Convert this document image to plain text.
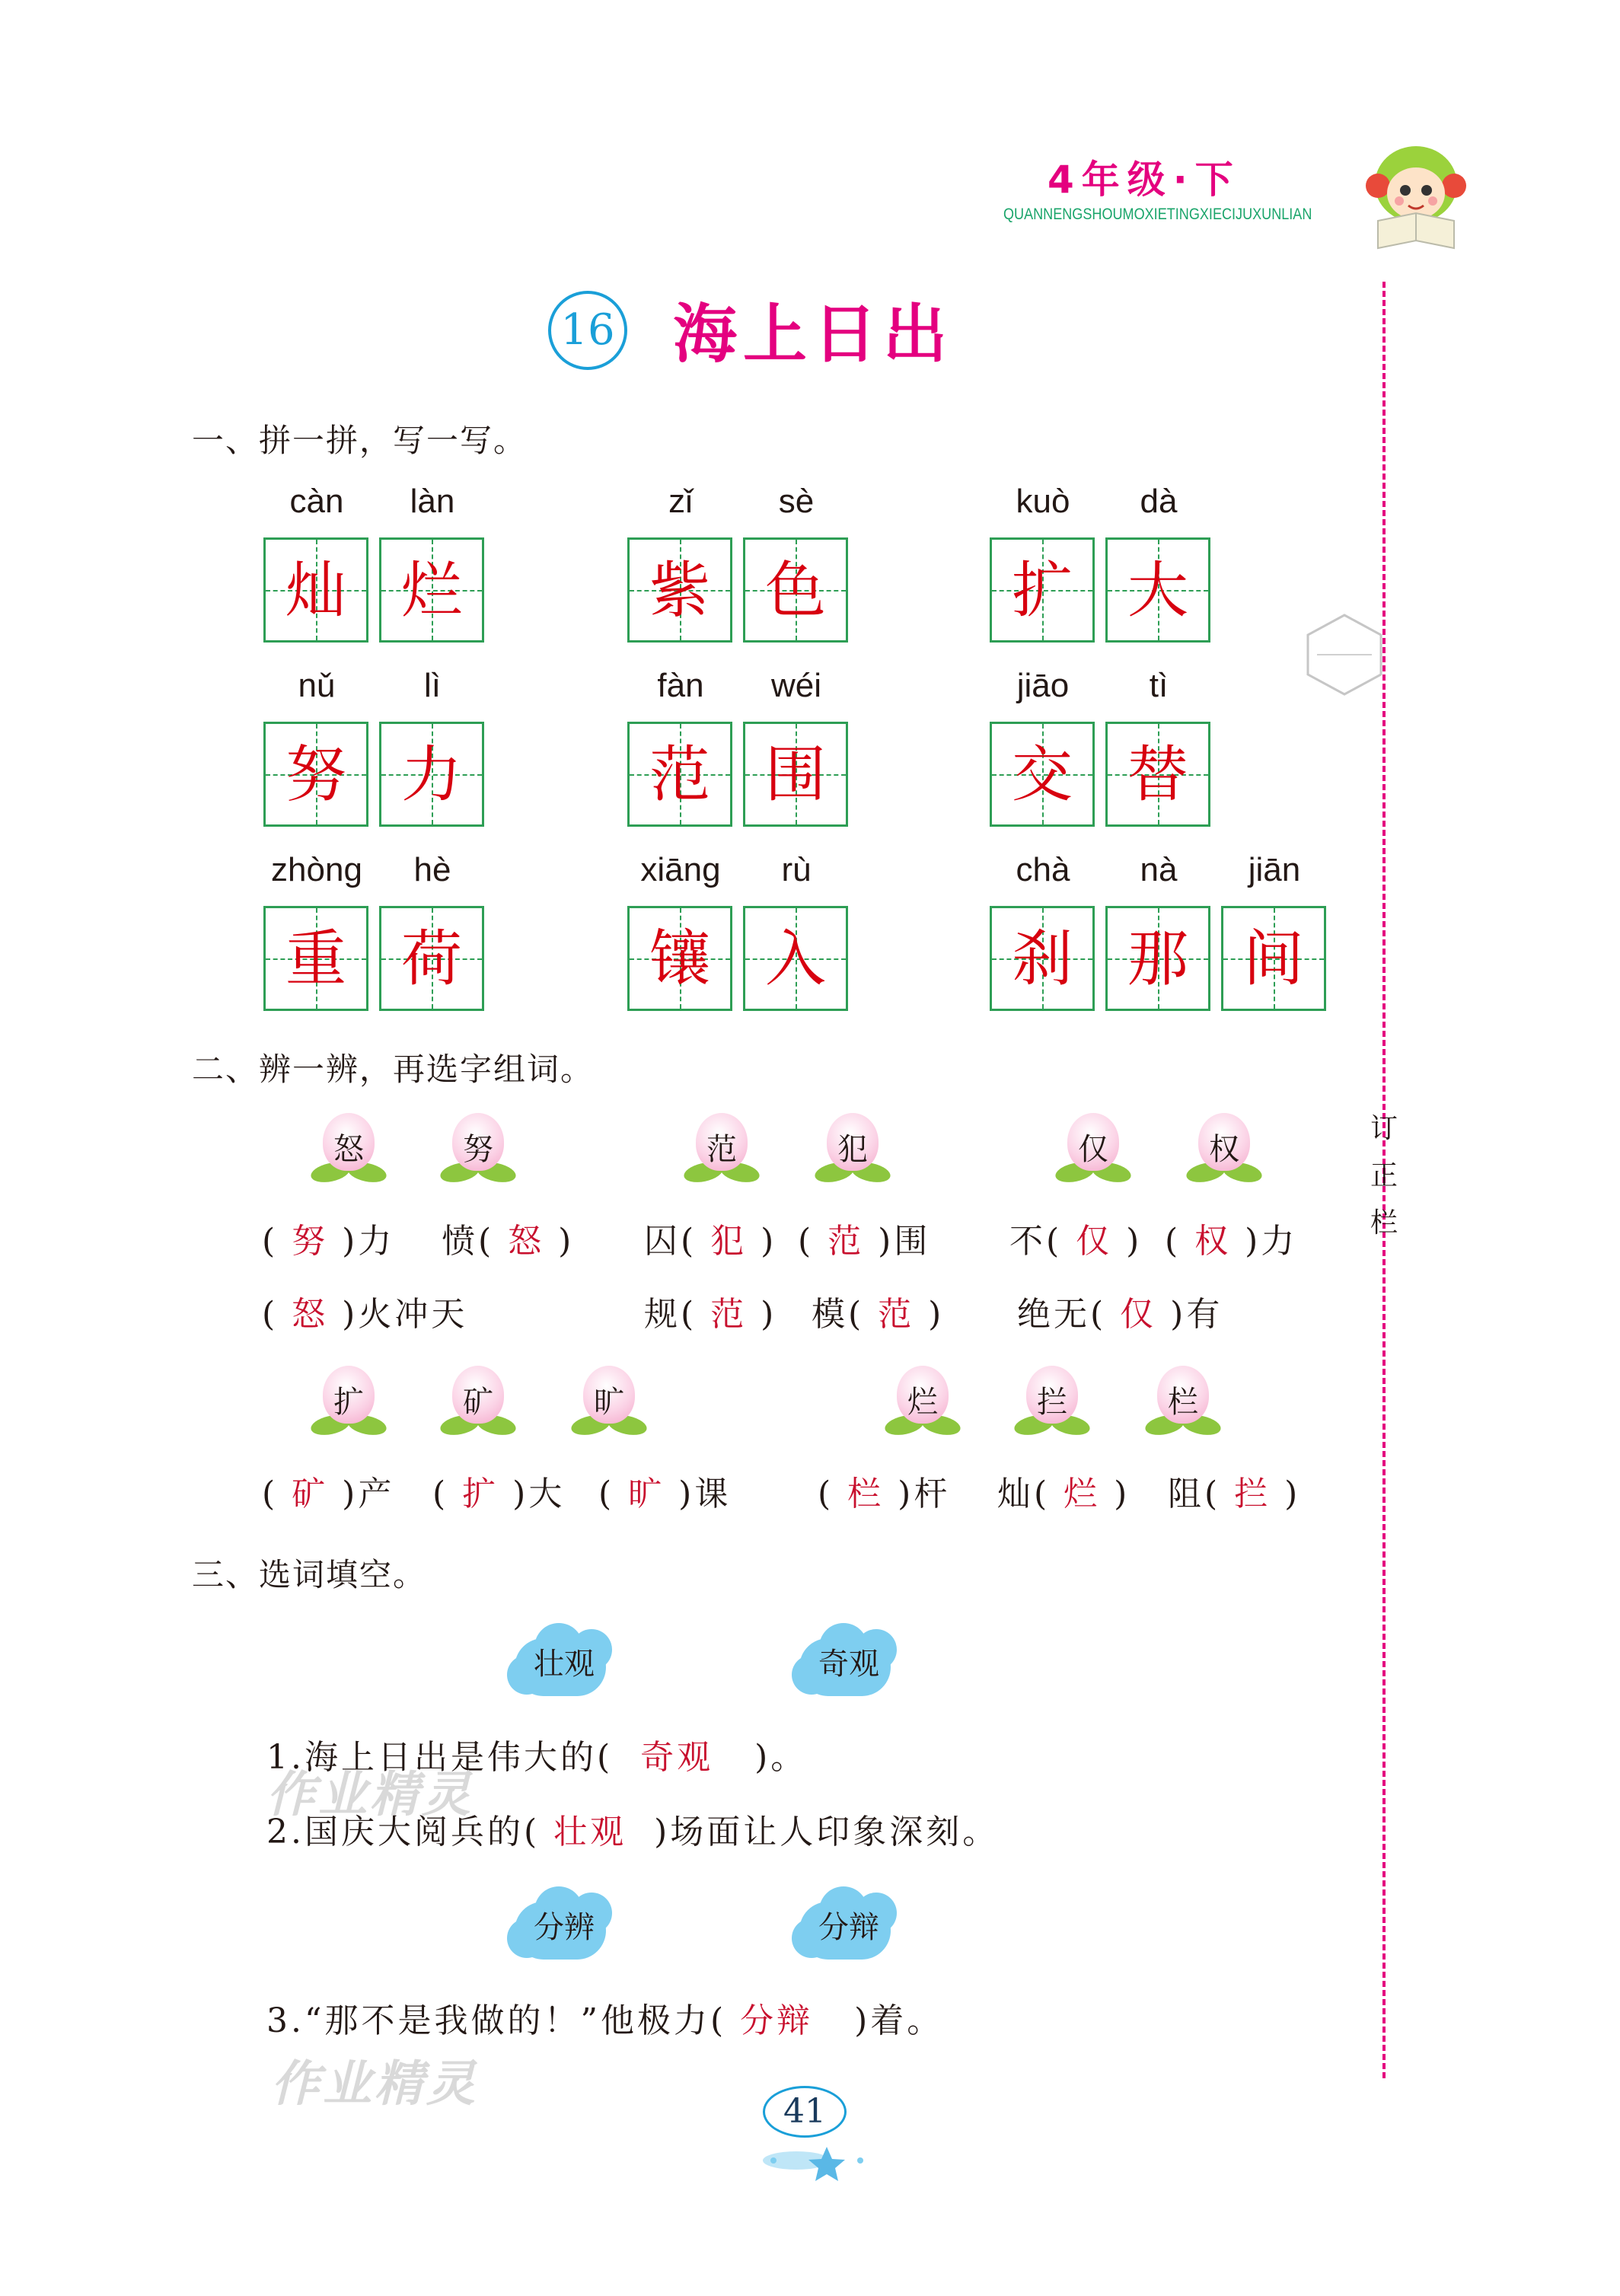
4年级·下
QUANNENGSHOUMOXIETINGXIECIJUXUNLIAN
订
正
栏
16 海上日出
一、拼一拼，写一写。
càn	làn
灿 烂
zǐ	sè
紫 色
kuò	dà
扩 大
nǔ	lì
努 力
fàn	wéi
范 围
jiāo	tì
交 替
zhòng	hè
重 荷
xiāng	rù
镶 入
chà	nà	jiān
刹 那 间
二、辨一辨，再选字组词。
怒	努	范	犯	仅	权
( 努 )力 愤( 怒 ) 囚( 犯 ) ( 范 )围 不( 仅 ) ( 权 )力
( 怒 )火冲天	规( 范 ) 模( 范 ) 绝无( 仅 )有
扩	矿	旷	烂	拦	栏
( 矿 )产 ( 扩 )大 ( 旷 )课	( 栏 )杆 灿( 烂 ) 阻( 拦 )
三、选词填空。
壮观	奇观
1.海上日出是伟大的( 奇观 )。
2.国庆大阅兵的( 壮观 )场面让人印象深刻。
分辨	分辩
3.“那不是我做的！”他极力( 分辩 )着。
作业精灵
作业精灵	41
